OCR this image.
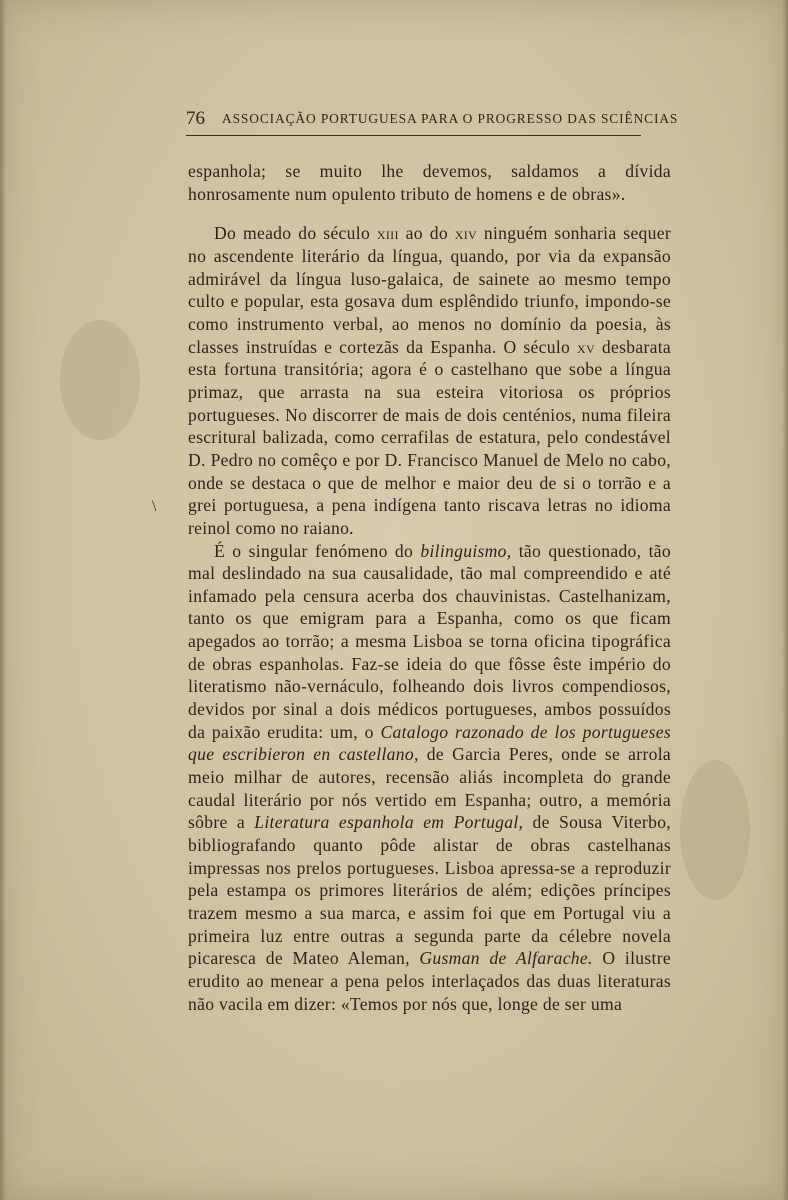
76 ASSOCIAÇÃO PORTUGUESA PARA O PROGRESSO DAS SCIÊNCIAS
\

espanhola; se muito lhe devemos, saldamos a dívida honrosamente num opulento tributo de homens e de obras».

Do meado do século xiii ao do xiv ninguém sonharia sequer no ascendente literário da língua, quando, por via da expansão admirável da língua luso-galaica, de sainete ao mesmo tempo culto e popular, esta gosava dum esplêndido triunfo, impondo-se como instrumento verbal, ao menos no domínio da poesia, às classes instruídas e cortezãs da Espanha. O século xv desbarata esta fortuna transitória; agora é o castelhano que sobe a língua primaz, que arrasta na sua esteira vitoriosa os próprios portugueses. No discorrer de mais de dois centénios, numa fileira escritural balizada, como cerrafilas de estatura, pelo condestável D. Pedro no comêço e por D. Francisco Manuel de Melo no cabo, onde se destaca o que de melhor e maior deu de si o torrão e a grei portuguesa, a pena indígena tanto riscava letras no idioma reinol como no raiano.

É o singular fenómeno do bilinguismo, tão questionado, tão mal deslindado na sua causalidade, tão mal compreendido e até infamado pela censura acerba dos chauvinistas. Castelhanizam, tanto os que emigram para a Espanha, como os que ficam apegados ao torrão; a mesma Lisboa se torna oficina tipográfica de obras espanholas. Faz-se ideia do que fôsse êste império do literatismo não-vernáculo, folheando dois livros compendiosos, devidos por sinal a dois médicos portugueses, ambos possuídos da paixão erudita: um, o Catalogo razonado de los portugueses que escribieron en castellano, de Garcia Peres, onde se arrola meio milhar de autores, recensão aliás incompleta do grande caudal literário por nós vertido em Espanha; outro, a memória sôbre a Literatura espanhola em Portugal, de Sousa Viterbo, bibliografando quanto pôde alistar de obras castelhanas impressas nos prelos portugueses. Lisboa apressa-se a reproduzir pela estampa os primores literários de além; edições príncipes trazem mesmo a sua marca, e assim foi que em Portugal viu a primeira luz entre outras a segunda parte da célebre novela picaresca de Mateo Aleman, Gusman de Alfarache. O ilustre erudito ao menear a pena pelos interlaçados das duas literaturas não vacila em dizer: «Temos por nós que, longe de ser uma
